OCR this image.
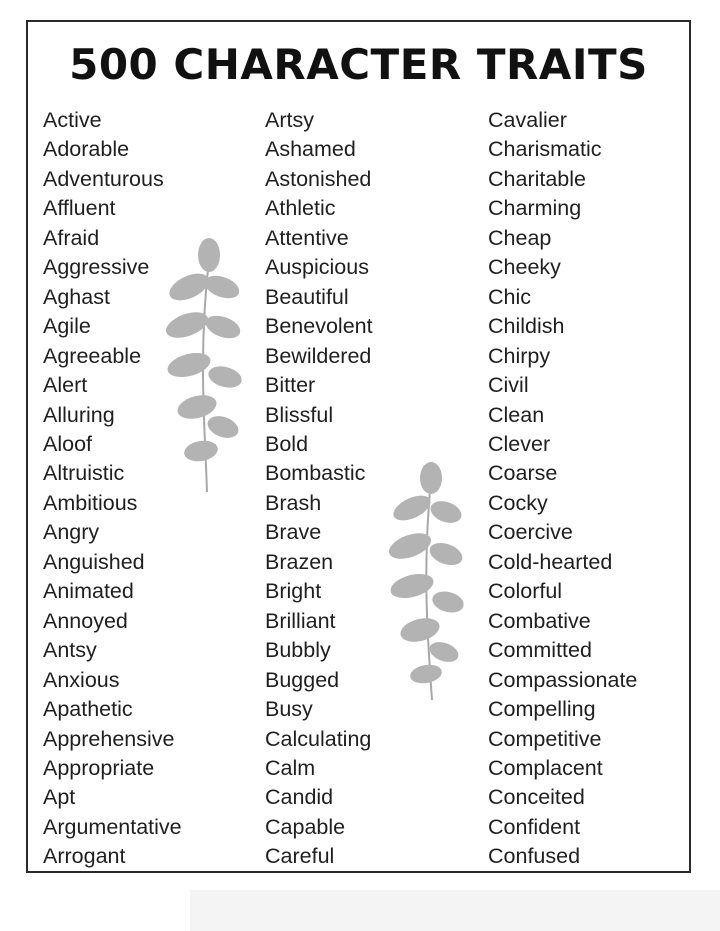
500 CHARACTER TRAITS
Active
Adorable
Adventurous
Affluent
Afraid
Aggressive
Aghast
Agile
Agreeable
Alert
Alluring
Aloof
Altruistic
Ambitious
Angry
Anguished
Animated
Annoyed
Antsy
Anxious
Apathetic
Apprehensive
Appropriate
Apt
Argumentative
Arrogant
Artsy
Ashamed
Astonished
Athletic
Attentive
Auspicious
Beautiful
Benevolent
Bewildered
Bitter
Blissful
Bold
Bombastic
Brash
Brave
Brazen
Bright
Brilliant
Bubbly
Bugged
Busy
Calculating
Calm
Candid
Capable
Careful
Cavalier
Charismatic
Charitable
Charming
Cheap
Cheeky
Chic
Childish
Chirpy
Civil
Clean
Clever
Coarse
Cocky
Coercive
Cold-hearted
Colorful
Combative
Committed
Compassionate
Compelling
Competitive
Complacent
Conceited
Confident
Confused
